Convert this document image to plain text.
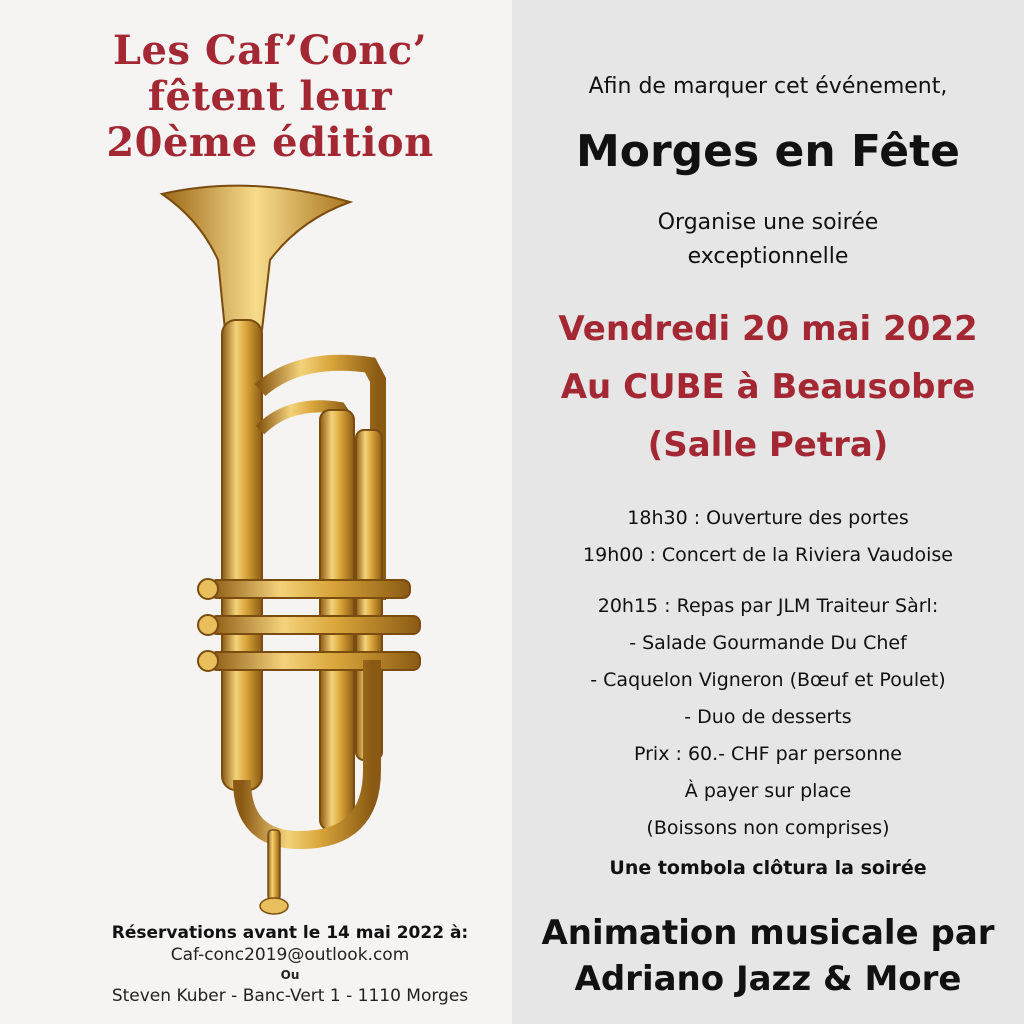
Les Caf’Conc’
fêtent leur
20ème édition
Réservations avant le 14 mai 2022 à:
Caf-conc2019@outlook.com
Ou
Steven Kuber - Banc-Vert 1 - 1110 Morges
Afin de marquer cet événement,
Morges en Fête
Organise une soirée
exceptionnelle
Vendredi 20 mai 2022
Au CUBE à Beausobre
(Salle Petra)
18h30 : Ouverture des portes
19h00 : Concert de la Riviera Vaudoise
20h15 : Repas par JLM Traiteur Sàrl:
- Salade Gourmande Du Chef
- Caquelon Vigneron (Bœuf et Poulet)
- Duo de desserts
Prix : 60.- CHF par personne
À payer sur place
(Boissons non comprises)
Une tombola clôtura la soirée
Animation musicale par
Adriano Jazz & More
